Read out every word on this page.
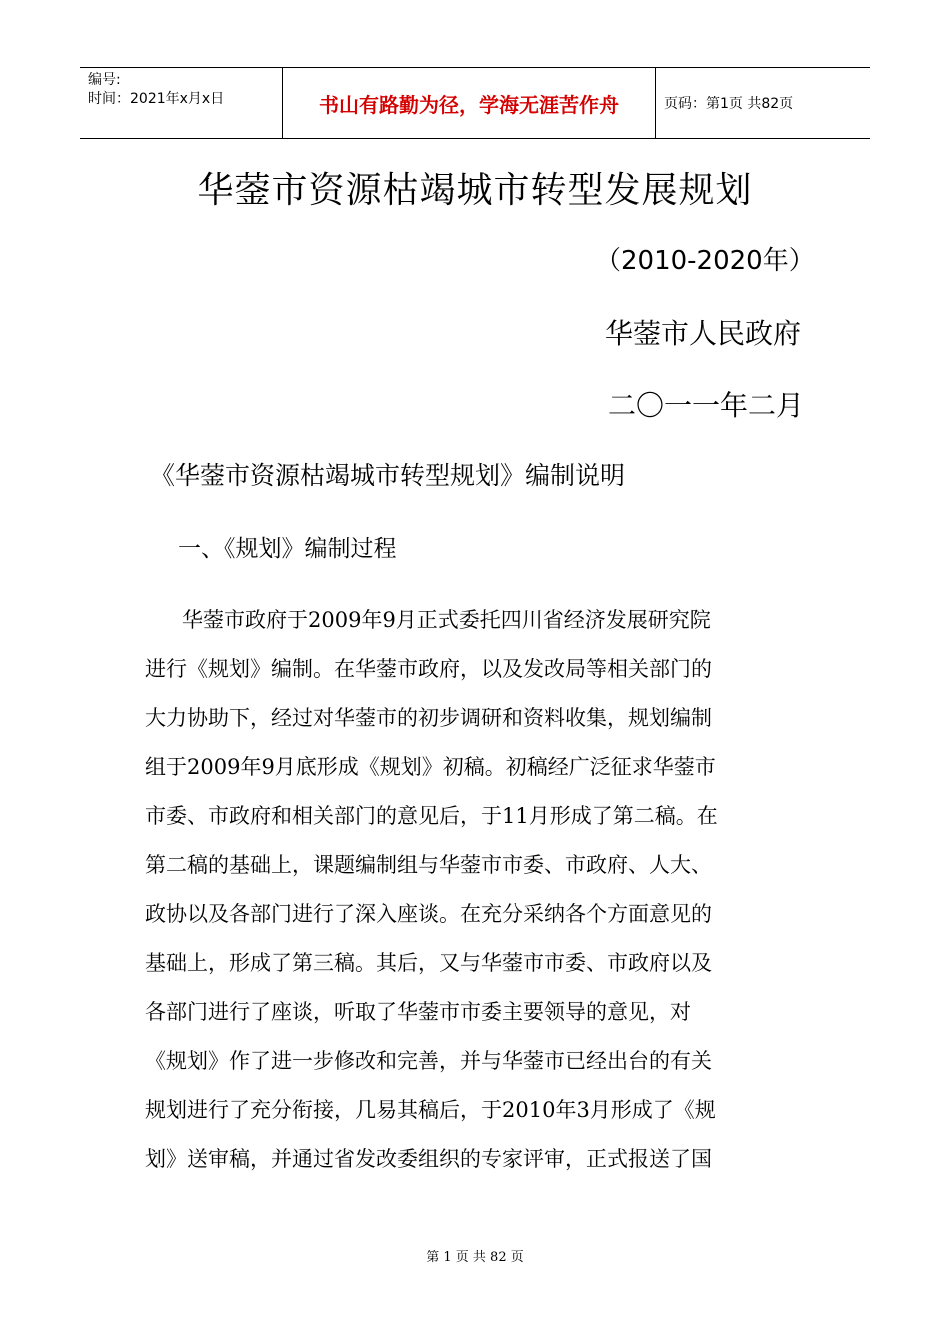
编号:
时间：2021年x月x日	书山有路勤为径，学海无涯苦作舟	页码：第1页 共82页
华蓥市资源枯竭城市转型发展规划
（2010-2020年）
华蓥市人民政府
二〇一一年二月
《华蓥市资源枯竭城市转型规划》编制说明
一、《规划》编制过程
华蓥市政府于2009年9月正式委托四川省经济发展研究院
进行《规划》编制。在华蓥市政府，以及发改局等相关部门的
大力协助下，经过对华蓥市的初步调研和资料收集，规划编制
组于2009年9月底形成《规划》初稿。初稿经广泛征求华蓥市
市委、市政府和相关部门的意见后，于11月形成了第二稿。在
第二稿的基础上，课题编制组与华蓥市市委、市政府、人大、
政协以及各部门进行了深入座谈。在充分采纳各个方面意见的
基础上，形成了第三稿。其后，又与华蓥市市委、市政府以及
各部门进行了座谈，听取了华蓥市市委主要领导的意见，对
《规划》作了进一步修改和完善，并与华蓥市已经出台的有关
规划进行了充分衔接，几易其稿后，于2010年3月形成了《规
划》送审稿，并通过省发改委组织的专家评审，正式报送了国
第 1 页 共 82 页
